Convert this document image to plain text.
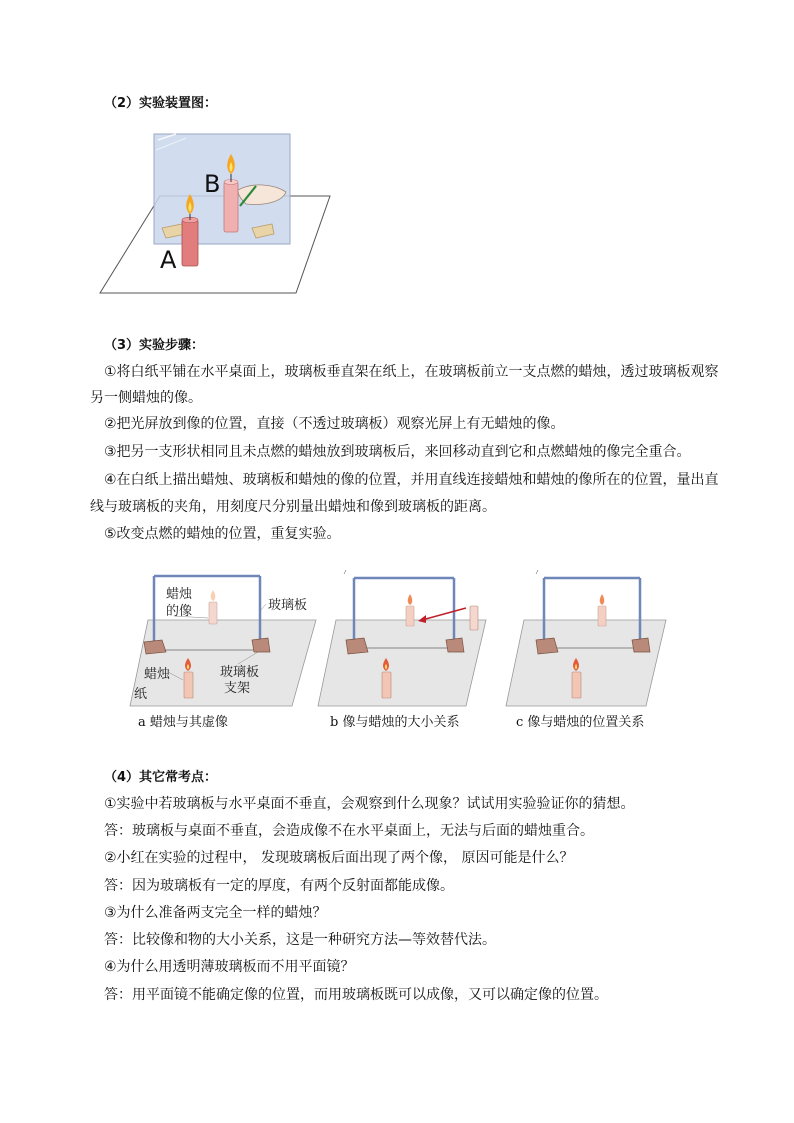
（2）实验装置图：
B
A
（3）实验步骤：
①将白纸平铺在水平桌面上，玻璃板垂直架在纸上，在玻璃板前立一支点燃的蜡烛，透过玻璃板观察
另一侧蜡烛的像。
②把光屏放到像的位置，直接（不透过玻璃板）观察光屏上有无蜡烛的像。
③把另一支形状相同且未点燃的蜡烛放到玻璃板后，来回移动直到它和点燃蜡烛的像完全重合。
④在白纸上描出蜡烛、玻璃板和蜡烛的像的位置，并用直线连接蜡烛和蜡烛的像所在的位置，量出直
线与玻璃板的夹角，用刻度尺分别量出蜡烛和像到玻璃板的距离。
⑤改变点燃的蜡烛的位置，重复实验。
蜡烛
的像	玻璃板
蜡烛
纸
玻璃板
支架
a 蜡烛与其虚像	b 像与蜡烛的大小关系	c 像与蜡烛的位置关系
（4）其它常考点：
①实验中若玻璃板与水平桌面不垂直，会观察到什么现象？试试用实验验证你的猜想。
答：玻璃板与桌面不垂直，会造成像不在水平桌面上，无法与后面的蜡烛重合。
②小红在实验的过程中， 发现玻璃板后面出现了两个像， 原因可能是什么？
答：因为玻璃板有一定的厚度，有两个反射面都能成像。
③为什么准备两支完全一样的蜡烛？
答：比较像和物的大小关系，这是一种研究方法—等效替代法。
④为什么用透明薄玻璃板而不用平面镜？
答：用平面镜不能确定像的位置，而用玻璃板既可以成像，又可以确定像的位置。
